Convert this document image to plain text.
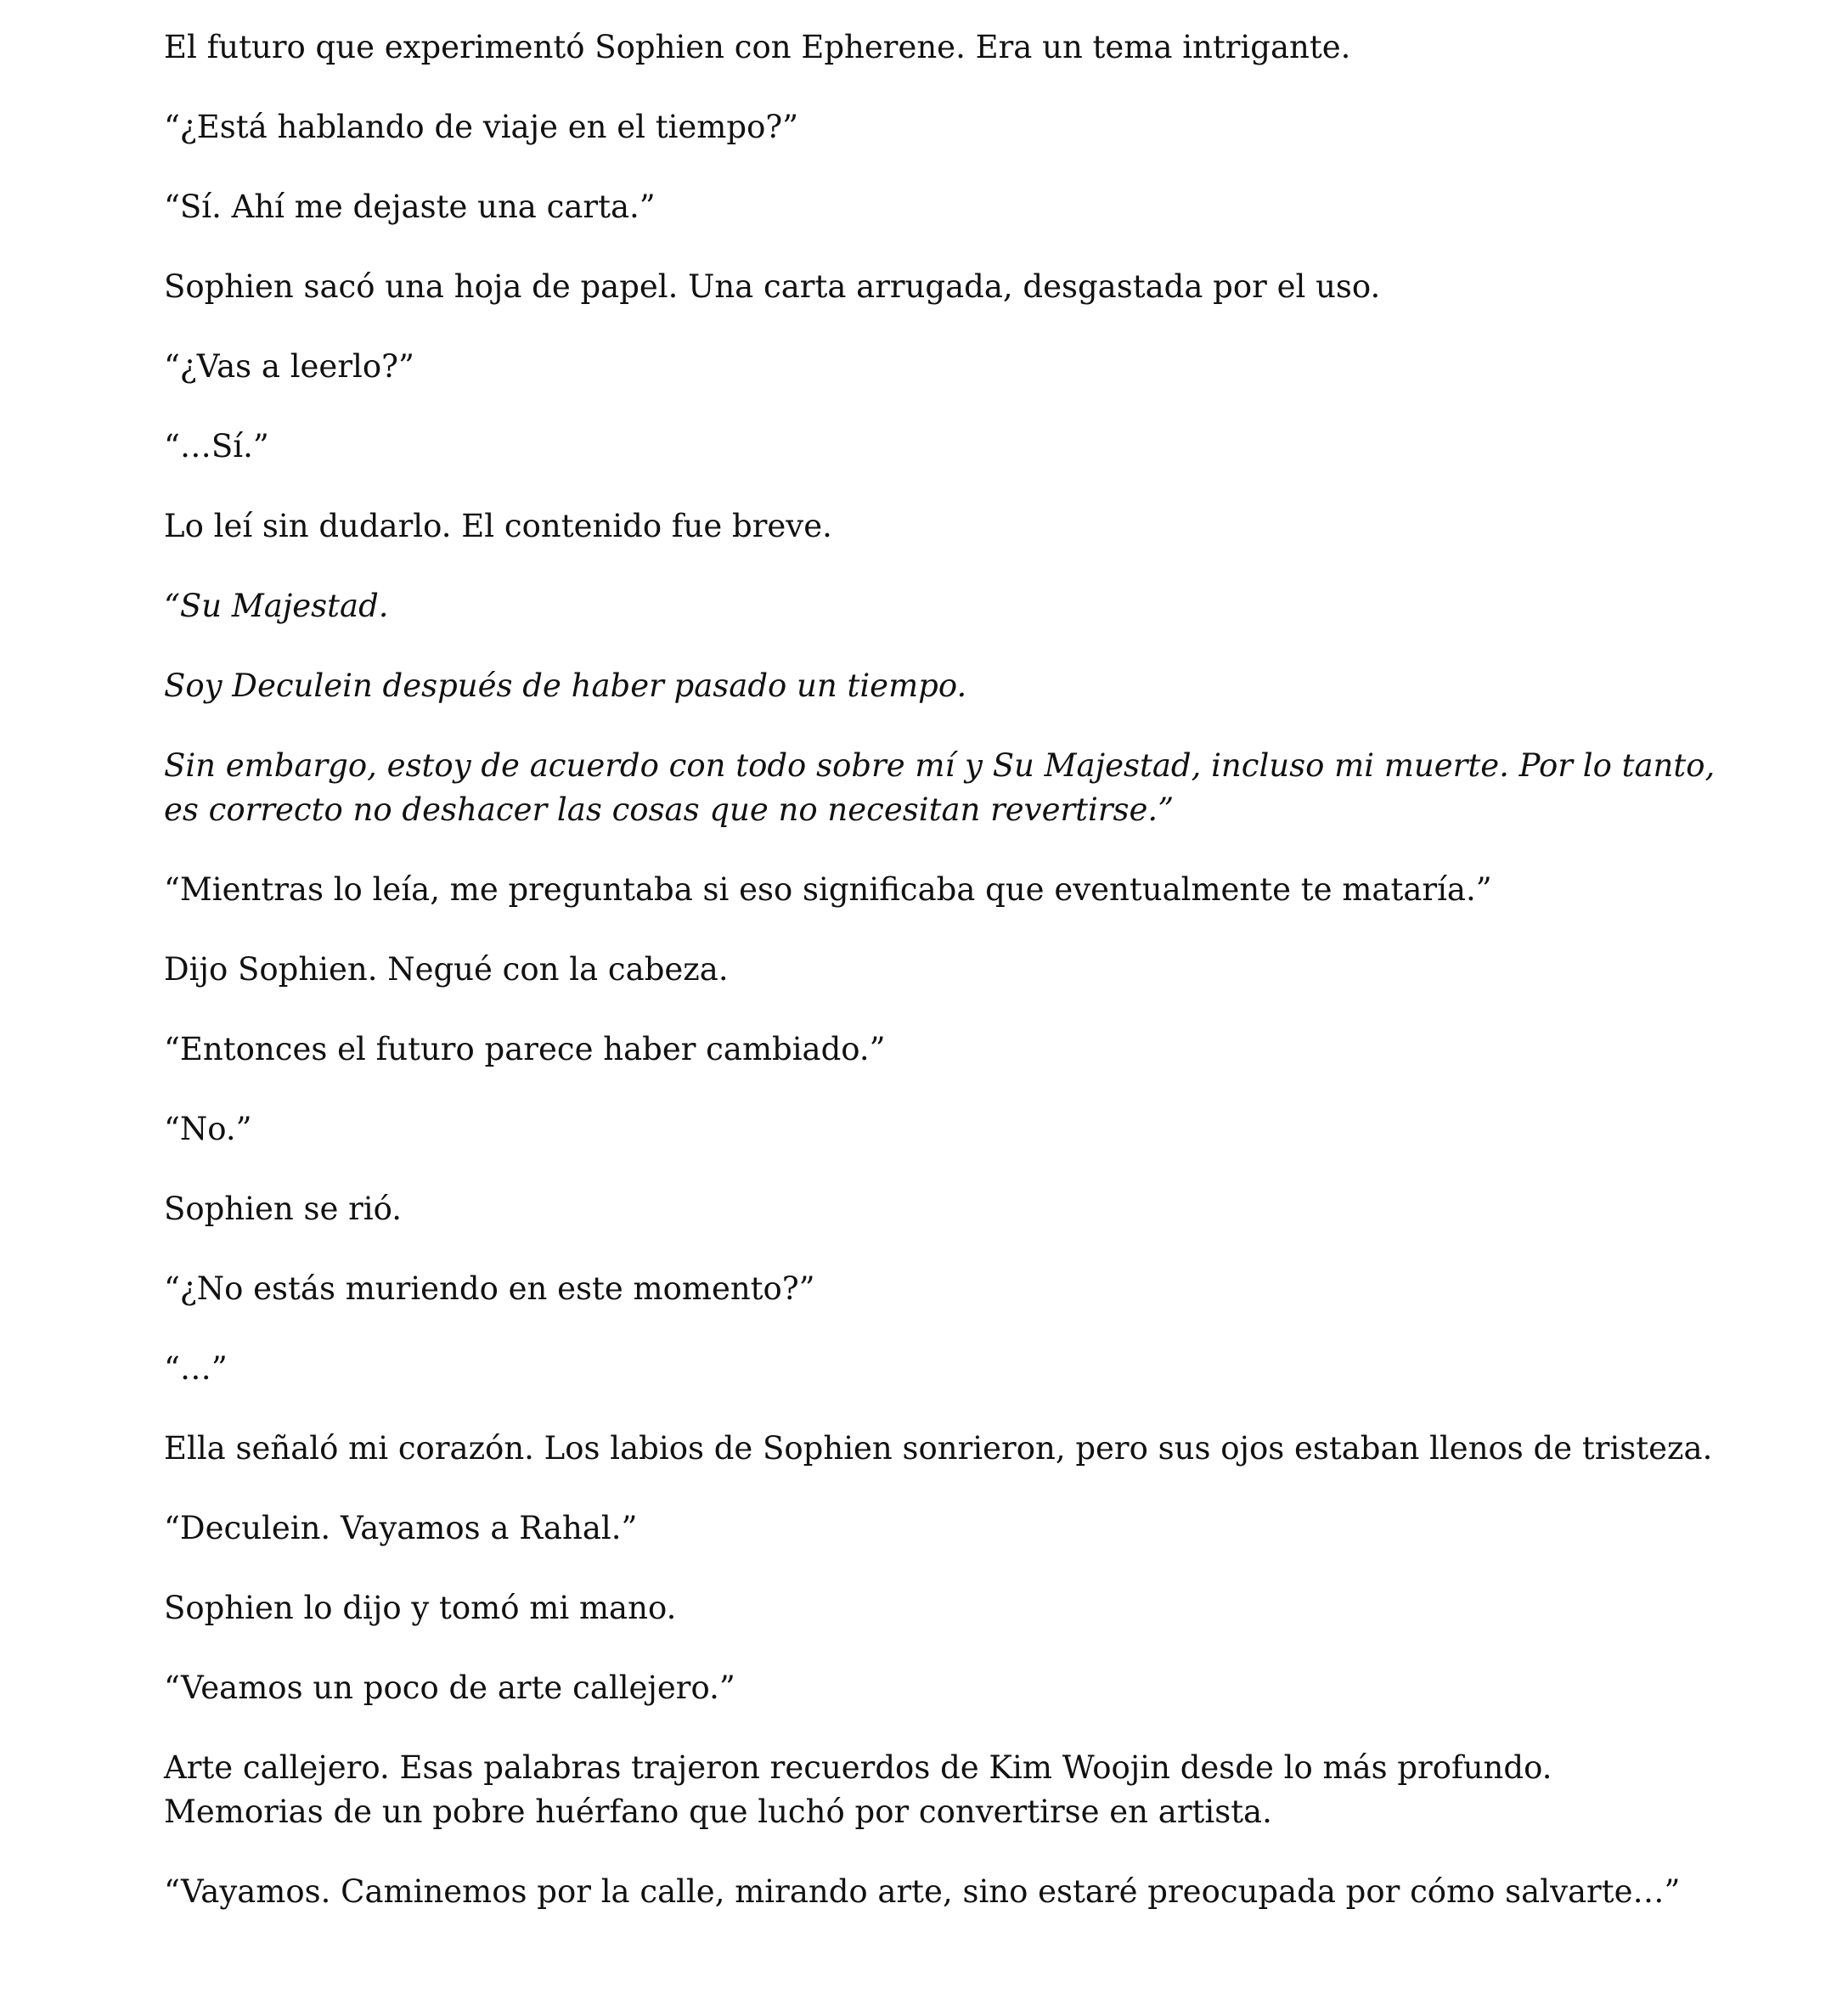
El futuro que experimentó Sophien con Epherene. Era un tema intrigante.

“¿Está hablando de viaje en el tiempo?”

“Sí. Ahí me dejaste una carta.”

Sophien sacó una hoja de papel. Una carta arrugada, desgastada por el uso.

“¿Vas a leerlo?”

“…Sí.”

Lo leí sin dudarlo. El contenido fue breve.

“Su Majestad.

Soy Deculein después de haber pasado un tiempo.

Sin embargo, estoy de acuerdo con todo sobre mí y Su Majestad, incluso mi muerte. Por lo tanto, es correcto no deshacer las cosas que no necesitan revertirse.”

“Mientras lo leía, me preguntaba si eso significaba que eventualmente te mataría.”

Dijo Sophien. Negué con la cabeza.

“Entonces el futuro parece haber cambiado.”

“No.”

Sophien se rió.

“¿No estás muriendo en este momento?”

“…”

Ella señaló mi corazón. Los labios de Sophien sonrieron, pero sus ojos estaban llenos de tristeza.

“Deculein. Vayamos a Rahal.”

Sophien lo dijo y tomó mi mano.

“Veamos un poco de arte callejero.”

Arte callejero. Esas palabras trajeron recuerdos de Kim Woojin desde lo más profundo. Memorias de un pobre huérfano que luchó por convertirse en artista.

“Vayamos. Caminemos por la calle, mirando arte, sino estaré preocupada por cómo salvarte…”
